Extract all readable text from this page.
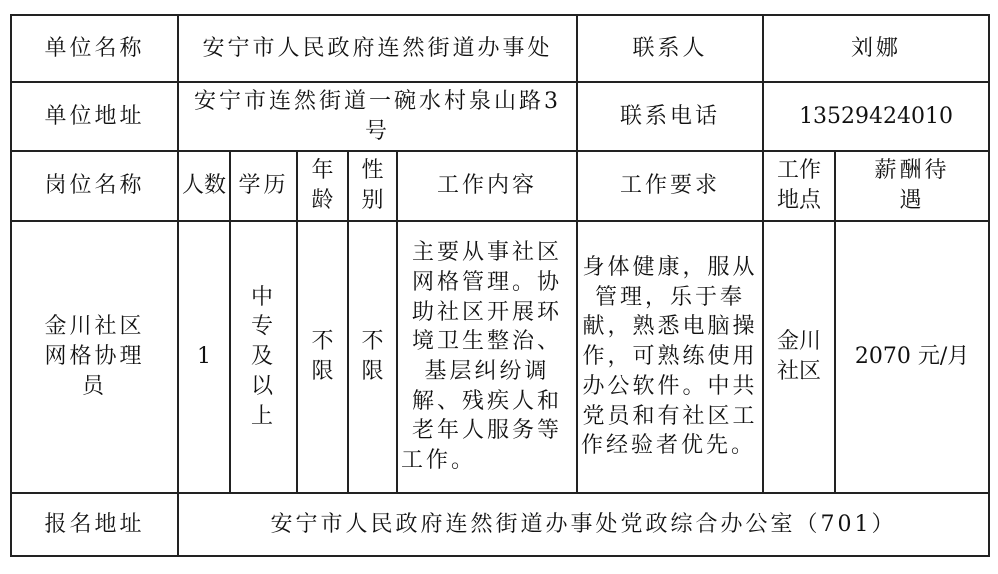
单位名称	安宁市人民政府连然街道办事处					联系人	刘娜	
单位地址	安宁市连然街道一碗水村泉山路3号					联系电话	13529424010	
岗位名称	人数	学历	年龄	性别	工作内容	工作要求	工作地点	薪酬待遇
金川社区网格协理员	1	中专及以上	不限	不限	主要从事社区网格管理。协助社区开展环境卫生整治、基层纠纷调解、残疾人和老年人服务等工作。	身体健康，服从管理，乐于奉献，熟悉电脑操作，可熟练使用办公软件。中共党员和有社区工作经验者优先。	金川社区	2070 元/月
报名地址	安宁市人民政府连然街道办事处党政综合办公室（701）							
